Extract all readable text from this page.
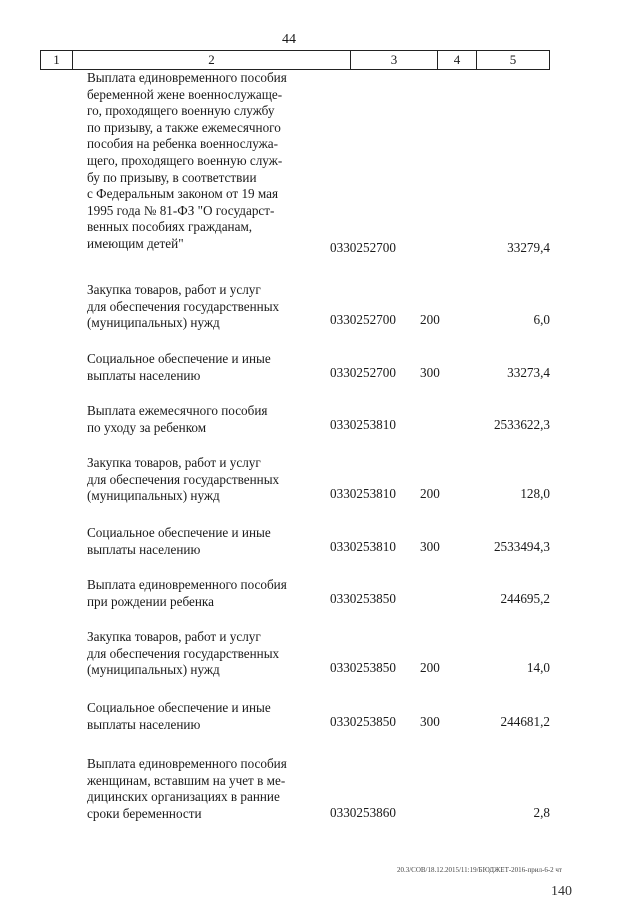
44
1	2	3	4	5
Выплата единовременного пособия
беременной жене военнослужаще-
го, проходящего военную службу
по призыву, а также ежемесячного
пособия на ребенка военнослужа-
щего, проходящего военную служ-
бу по призыву, в соответствии
с Федеральным законом от 19 мая
1995 года № 81-ФЗ "О государст-
венных пособиях гражданам,
имеющим детей"	0330252700	33279,4
Закупка товаров, работ и услуг
для обеспечения государственных
(муниципальных) нужд	0330252700 200	6,0
Социальное обеспечение и иные
выплаты населению	0330252700 300	33273,4
Выплата ежемесячного пособия
по уходу за ребенком	0330253810	2533622,3
Закупка товаров, работ и услуг
для обеспечения государственных
(муниципальных) нужд	0330253810 200	128,0
Социальное обеспечение и иные
выплаты населению	0330253810 300	2533494,3
Выплата единовременного пособия
при рождении ребенка	0330253850	244695,2
Закупка товаров, работ и услуг
для обеспечения государственных
(муниципальных) нужд	0330253850 200	14,0
Социальное обеспечение и иные
выплаты населению	0330253850 300	244681,2
Выплата единовременного пособия
женщинам, вставшим на учет в ме-
дицинских организациях в ранние
сроки беременности	0330253860	2,8
20.3/СОВ/18.12.2015/11:19/БЮДЖЕТ-2016-прил-6-2 чт
140
